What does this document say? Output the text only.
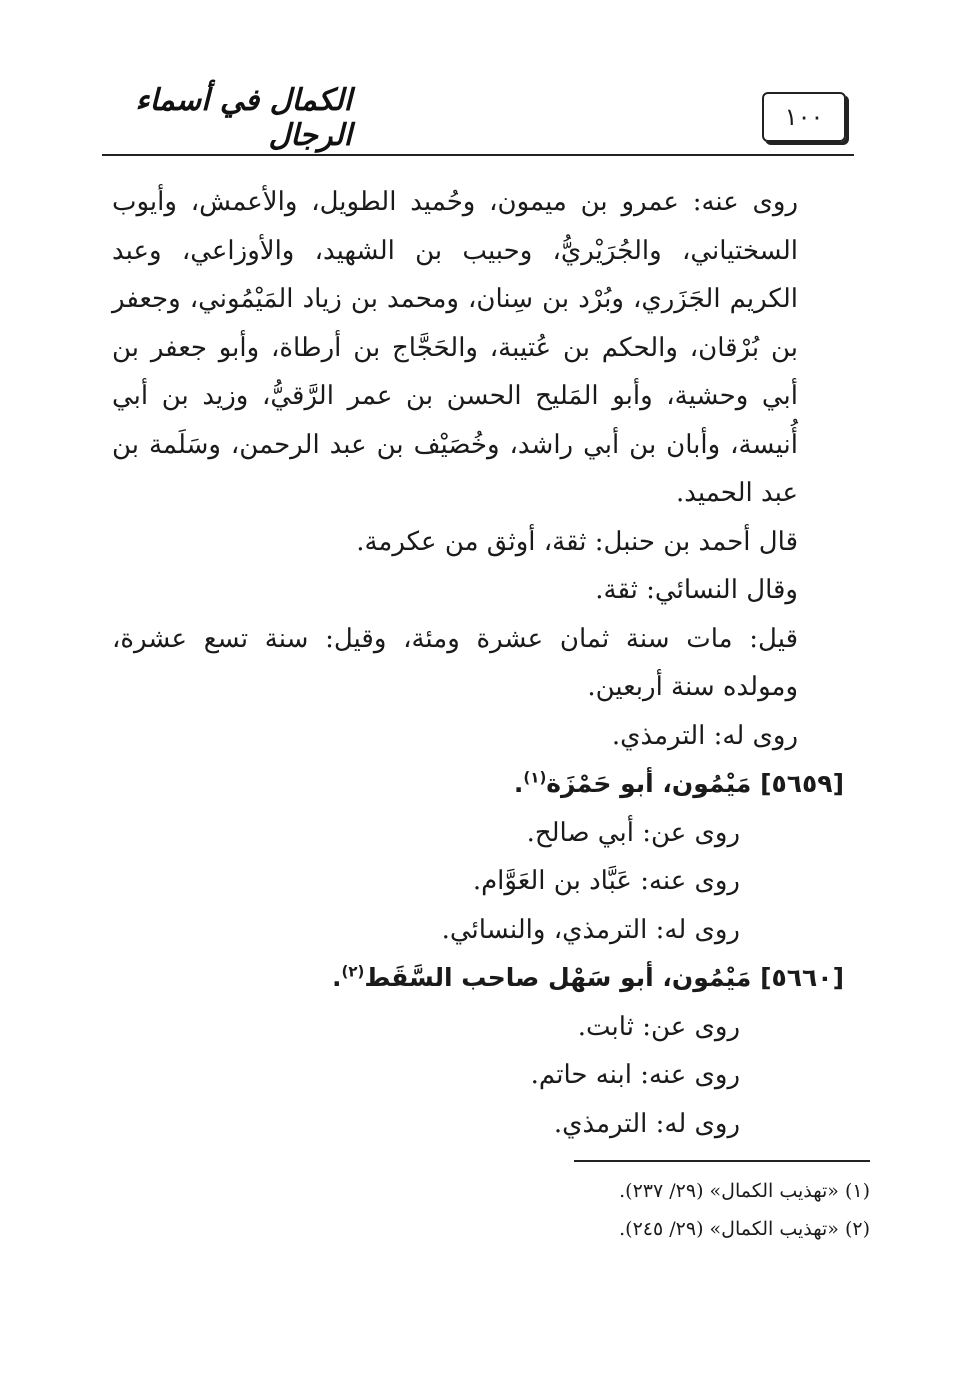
١٠٠
الكمال في أسماء الرجال

روى عنه: عمرو بن ميمون، وحُميد الطويل، والأعمش، وأيوب السختياني، والجُرَيْريُّ، وحبيب بن الشهيد، والأوزاعي، وعبد الكريم الجَزَري، وبُرْد بن سِنان، ومحمد بن زياد المَيْمُوني، وجعفر بن بُرْقان، والحكم بن عُتيبة، والحَجَّاج بن أرطاة، وأبو جعفر بن أبي وحشية، وأبو المَليح الحسن بن عمر الرَّقيُّ، وزيد بن أبي أُنيسة، وأبان بن أبي راشد، وخُصَيْف بن عبد الرحمن، وسَلَمة بن عبد الحميد.

قال أحمد بن حنبل: ثقة، أوثق من عكرمة.

وقال النسائي: ثقة.

قيل: مات سنة ثمان عشرة ومئة، وقيل: سنة تسع عشرة، ومولده سنة أربعين.

روى له: الترمذي.

[٥٦٥٩] مَيْمُون، أبو حَمْزَة$^{(١)}$.

روى عن: أبي صالح.

روى عنه: عَبَّاد بن العَوَّام.

روى له: الترمذي، والنسائي.

[٥٦٦٠] مَيْمُون، أبو سَهْل صاحب السَّقَط$^{(٢)}$.

روى عن: ثابت.

روى عنه: ابنه حاتم.

روى له: الترمذي.

(١) «تهذيب الكمال» (٢٩/ ٢٣٧).

(٢) «تهذيب الكمال» (٢٩/ ٢٤٥).
